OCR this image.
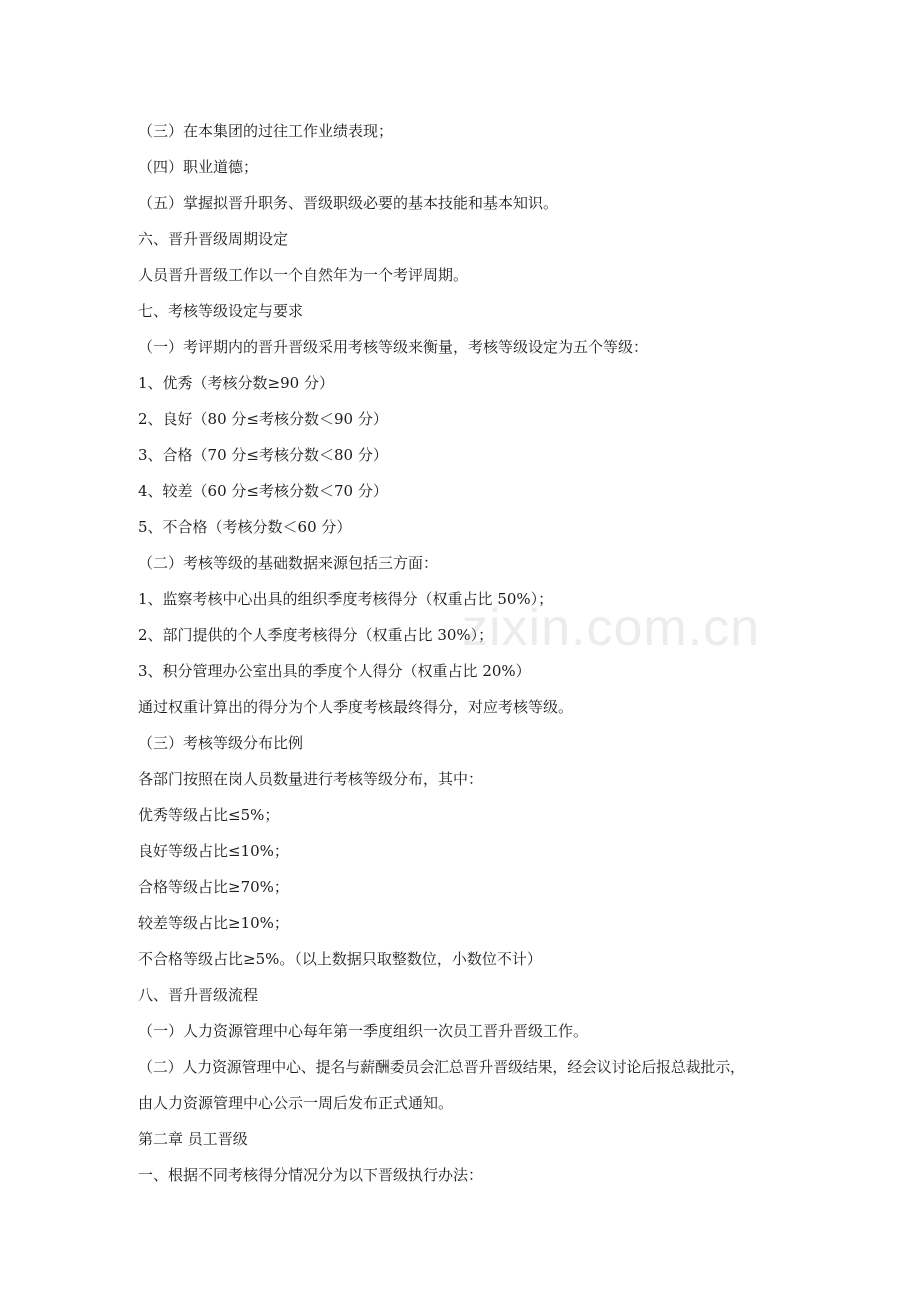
（三）在本集团的过往工作业绩表现；
（四）职业道德；
（五）掌握拟晋升职务、晋级职级必要的基本技能和基本知识。
六、晋升晋级周期设定
人员晋升晋级工作以一个自然年为一个考评周期。
七、考核等级设定与要求
（一）考评期内的晋升晋级采用考核等级来衡量，考核等级设定为五个等级：
1、优秀（考核分数≥90 分）
2、良好（80 分≤考核分数＜90 分）
3、合格（70 分≤考核分数＜80 分）
4、较差（60 分≤考核分数＜70 分）
5、不合格（考核分数＜60 分）
（二）考核等级的基础数据来源包括三方面：
1、监察考核中心出具的组织季度考核得分（权重占比 50%）；
2、部门提供的个人季度考核得分（权重占比 30%）；
3、积分管理办公室出具的季度个人得分（权重占比 20%）
通过权重计算出的得分为个人季度考核最终得分，对应考核等级。
（三）考核等级分布比例
各部门按照在岗人员数量进行考核等级分布，其中：
优秀等级占比≤5%；
良好等级占比≤10%；
合格等级占比≥70%；
较差等级占比≥10%；
不合格等级占比≥5%。（以上数据只取整数位，小数位不计）
八、晋升晋级流程
（一）人力资源管理中心每年第一季度组织一次员工晋升晋级工作。
（二）人力资源管理中心、提名与薪酬委员会汇总晋升晋级结果，经会议讨论后报总裁批示，
由人力资源管理中心公示一周后发布正式通知。
第二章 员工晋级
一、根据不同考核得分情况分为以下晋级执行办法：
zixin.com.cn
